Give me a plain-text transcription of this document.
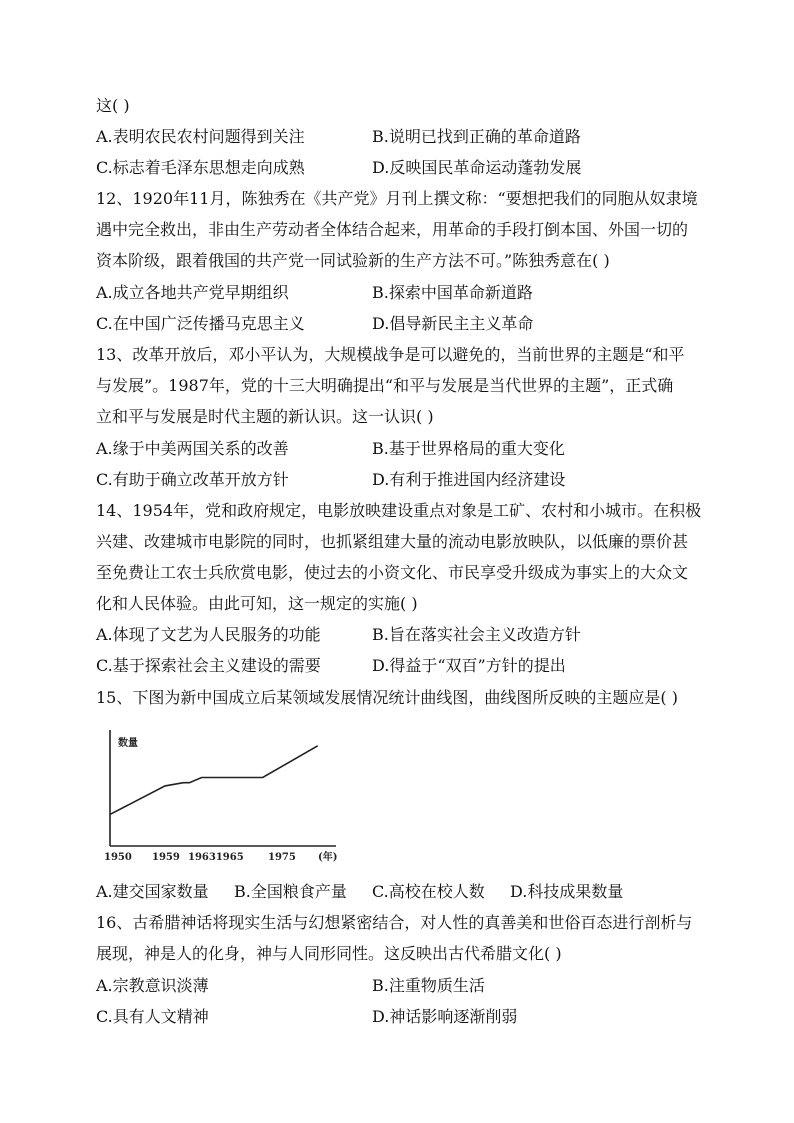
这( )
A.表明农民农村问题得到关注	B.说明已找到正确的革命道路
C.标志着毛泽东思想走向成熟	D.反映国民革命运动蓬勃发展
12、1920年11月，陈独秀在《共产党》月刊上撰文称：“要想把我们的同胞从奴隶境
遇中完全救出，非由生产劳动者全体结合起来，用革命的手段打倒本国、外国一切的
资本阶级，跟着俄国的共产党一同试验新的生产方法不可。”陈独秀意在( )
A.成立各地共产党早期组织	B.探索中国革命新道路
C.在中国广泛传播马克思主义	D.倡导新民主主义革命
13、改革开放后，邓小平认为，大规模战争是可以避免的，当前世界的主题是“和平
与发展”。1987年，党的十三大明确提出“和平与发展是当代世界的主题”，正式确
立和平与发展是时代主题的新认识。这一认识( )
A.缘于中美两国关系的改善	B.基于世界格局的重大变化
C.有助于确立改革开放方针	D.有利于推进国内经济建设
14、1954年，党和政府规定，电影放映建设重点对象是工矿、农村和小城市。在积极
兴建、改建城市电影院的同时，也抓紧组建大量的流动电影放映队，以低廉的票价甚
至免费让工农士兵欣赏电影，使过去的小资文化、市民享受升级成为事实上的大众文
化和人民体验。由此可知，这一规定的实施( )
A.体现了文艺为人民服务的功能	B.旨在落实社会主义改造方针
C.基于探索社会主义建设的需要	D.得益于“双百”方针的提出
15、下图为新中国成立后某领域发展情况统计曲线图，曲线图所反映的主题应是( )
数量
(年)
1950 1959 19631965 1975
A.建交国家数量 B.全国粮食产量 C.高校在校人数 D.科技成果数量
16、古希腊神话将现实生活与幻想紧密结合，对人性的真善美和世俗百态进行剖析与
展现，神是人的化身，神与人同形同性。这反映出古代希腊文化( )
A.宗教意识淡薄	B.注重物质生活
C.具有人文精神	D.神话影响逐渐削弱
